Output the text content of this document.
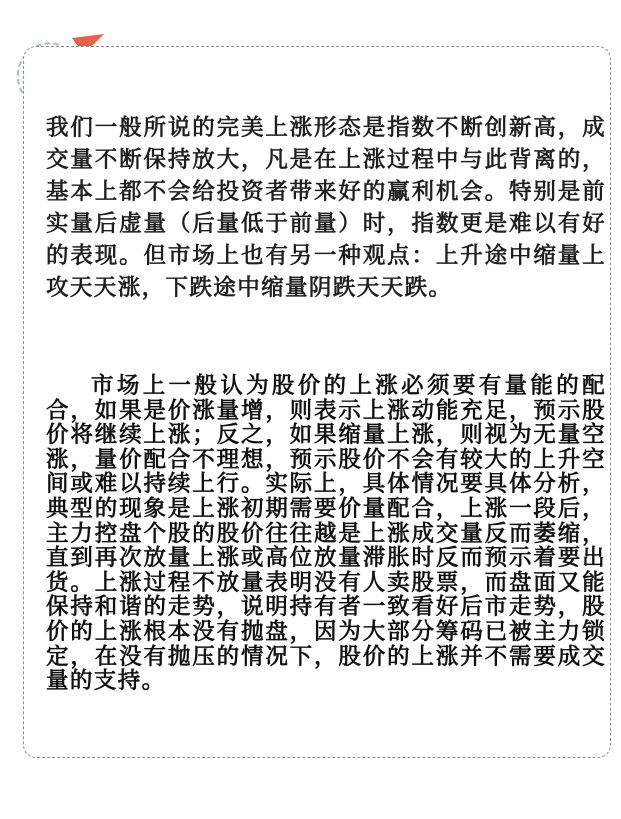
我们一般所说的完美上涨形态是指数不断创新高，成交量不断保持放大，凡是在上涨过程中与此背离的，基本上都不会给投资者带来好的赢利机会。特别是前实量后虚量（后量低于前量）时，指数更是难以有好的表现。但市场上也有另一种观点：上升途中缩量上攻天天涨，下跌途中缩量阴跌天天跌。

市场上一般认为股价的上涨必须要有量能的配合，如果是价涨量增，则表示上涨动能充足，预示股价将继续上涨；反之，如果缩量上涨，则视为无量空涨，量价配合不理想，预示股价不会有较大的上升空间或难以持续上行。实际上，具体情况要具体分析，典型的现象是上涨初期需要价量配合，上涨一段后，主力控盘个股的股价往往越是上涨成交量反而萎缩，直到再次放量上涨或高位放量滞胀时反而预示着要出货。上涨过程不放量表明没有人卖股票，而盘面又能保持和谐的走势，说明持有者一致看好后市走势，股价的上涨根本没有抛盘，因为大部分筹码已被主力锁定，在没有抛压的情况下，股价的上涨并不需要成交量的支持。
